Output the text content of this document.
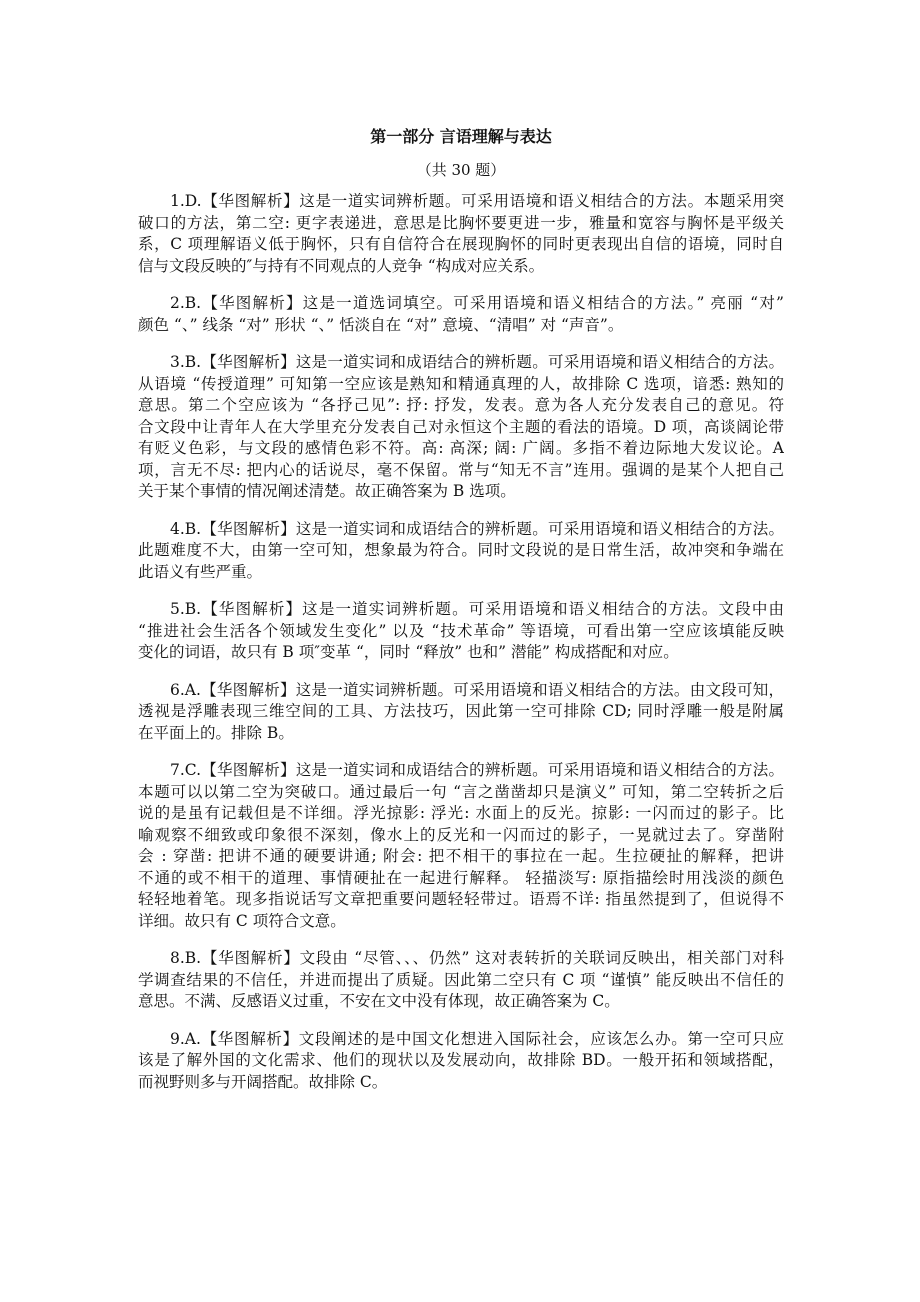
第一部分 言语理解与表达
（共 30 题）
1.D.【华图解析】这是一道实词辨析题。可采用语境和语义相结合的方法。本题采用突
破口的方法，第二空: 更字表递进，意思是比胸怀要更进一步，雅量和宽容与胸怀是平级关
系，C 项理解语义低于胸怀，只有自信符合在展现胸怀的同时更表现出自信的语境，同时自
信与文段反映的″与持有不同观点的人竞争 “构成对应关系。
2.B.【华图解析】这是一道选词填空。可采用语境和语义相结合的方法。” 亮丽 “对”
颜色 “、” 线条 “对” 形状 “、” 恬淡自在 “对” 意境、“清唱” 对 “声音”。
3.B.【华图解析】这是一道实词和成语结合的辨析题。可采用语境和语义相结合的方法。
从语境 “传授道理” 可知第一空应该是熟知和精通真理的人，故排除 C 选项，谙悉: 熟知的
意思。第二个空应该为 “各抒己见”: 抒: 抒发，发表。意为各人充分发表自己的意见。符
合文段中让青年人在大学里充分发表自己对永恒这个主题的看法的语境。D 项，高谈阔论带
有贬义色彩，与文段的感情色彩不符。高: 高深; 阔: 广阔。多指不着边际地大发议论。A
项，言无不尽: 把内心的话说尽，毫不保留。常与“知无不言”连用。强调的是某个人把自己
关于某个事情的情况阐述清楚。故正确答案为 B 选项。
4.B.【华图解析】这是一道实词和成语结合的辨析题。可采用语境和语义相结合的方法。
此题难度不大，由第一空可知，想象最为符合。同时文段说的是日常生活，故冲突和争端在
此语义有些严重。
5.B.【华图解析】这是一道实词辨析题。可采用语境和语义相结合的方法。文段中由
“推进社会生活各个领域发生变化” 以及 “技术革命” 等语境，可看出第一空应该填能反映
变化的词语，故只有 B 项″变革 “，同时 “释放” 也和” 潜能” 构成搭配和对应。
6.A.【华图解析】这是一道实词辨析题。可采用语境和语义相结合的方法。由文段可知，
透视是浮雕表现三维空间的工具、方法技巧，因此第一空可排除 CD; 同时浮雕一般是附属
在平面上的。排除 B。
7.C.【华图解析】这是一道实词和成语结合的辨析题。可采用语境和语义相结合的方法。
本题可以以第二空为突破口。通过最后一句 “言之凿凿却只是演义” 可知，第二空转折之后
说的是虽有记载但是不详细。浮光掠影: 浮光: 水面上的反光。掠影: 一闪而过的影子。比
喻观察不细致或印象很不深刻，像水上的反光和一闪而过的影子，一晃就过去了。穿凿附
会 : 穿凿: 把讲不通的硬要讲通; 附会: 把不相干的事拉在一起。生拉硬扯的解释，把讲
不通的或不相干的道理、事情硬扯在一起进行解释。 轻描淡写: 原指描绘时用浅淡的颜色
轻轻地着笔。现多指说话写文章把重要问题轻轻带过。语焉不详: 指虽然提到了，但说得不
详细。故只有 C 项符合文意。
8.B.【华图解析】文段由 “尽管、、、仍然” 这对表转折的关联词反映出，相关部门对科
学调查结果的不信任，并进而提出了质疑。因此第二空只有 C 项 “谨慎” 能反映出不信任的
意思。不满、反感语义过重，不安在文中没有体现，故正确答案为 C。
9.A.【华图解析】文段阐述的是中国文化想进入国际社会，应该怎么办。第一空可只应
该是了解外国的文化需求、他们的现状以及发展动向，故排除 BD。一般开拓和领域搭配，
而视野则多与开阔搭配。故排除 C。
